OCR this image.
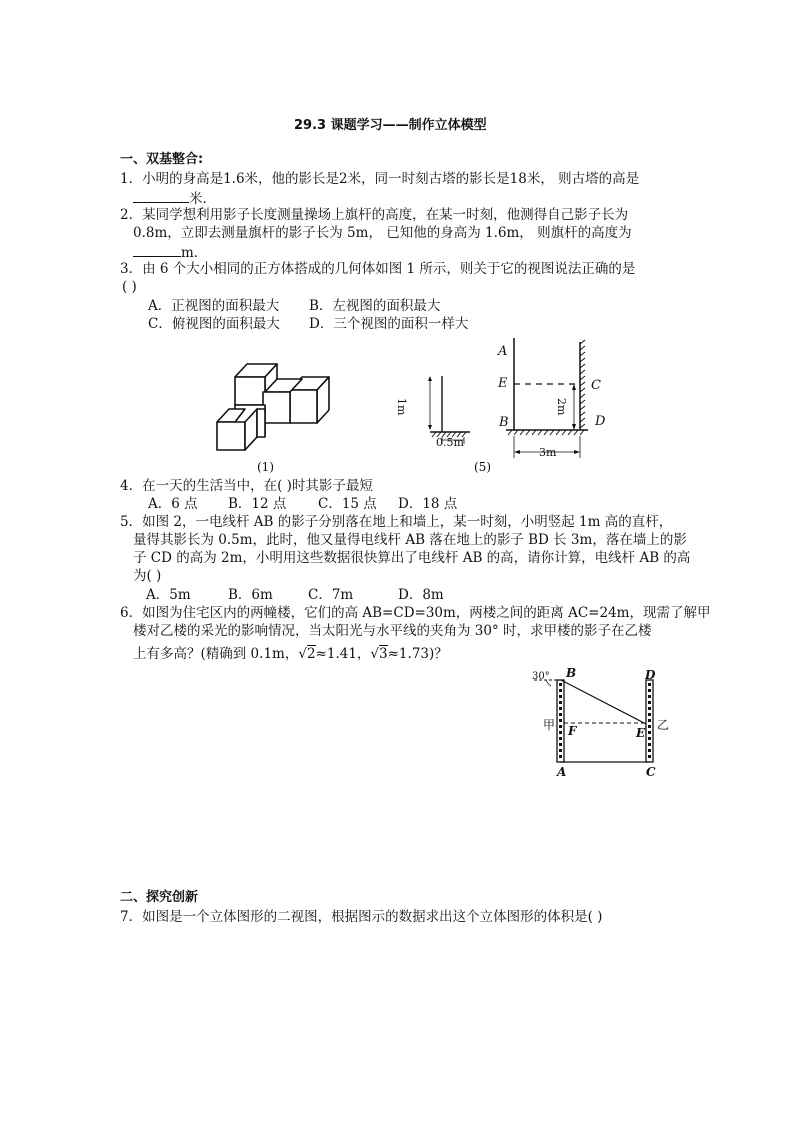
29.3 课题学习——制作立体模型
一、双基整合:
1．小明的身高是1.6米，他的影长是2米，同一时刻古塔的影长是18米， 则古塔的高是
米．
2．某同学想利用影子长度测量操场上旗杆的高度，在某一时刻，他测得自己影子长为
0.8m，立即去测量旗杆的影子长为 5m， 已知他的身高为 1.6m， 则旗杆的高度为
m．
3．由 6 个大小相同的正方体搭成的几何体如图 1 所示，则关于它的视图说法正确的是
( )
A．正视图的面积最大 B．左视图的面积最大
C．俯视图的面积最大 D．三个视图的面积一样大
(1)
1m
0.5m
(5)
A
E	C
B	D
2m
3m
4．在一天的生活当中，在( )时其影子最短
A．6 点 B．12 点 C．15 点 D．18 点
5．如图 2，一电线杆 AB 的影子分别落在地上和墙上，某一时刻，小明竖起 1m 高的直杆，
量得其影长为 0.5m，此时，他又量得电线杆 AB 落在地上的影子 BD 长 3m，落在墙上的影
子 CD 的高为 2m，小明用这些数据很快算出了电线杆 AB 的高，请你计算，电线杆 AB 的高
为( )
A．5m	B．6m	C．7m	D．8m
6．如图为住宅区内的两幢楼，它们的高 AB=CD=30m，两楼之间的距离 AC=24m，现需了解甲
楼对乙楼的采光的影响情况，当太阳光与水平线的夹角为 30° 时，求甲楼的影子在乙楼
上有多高？(精确到 0.1m，√2≈1.41，√3≈1.73)？
30° B	D
甲	乙
F	E
A	C
二、探究创新
7．如图是一个立体图形的二视图，根据图示的数据求出这个立体图形的体积是( )
